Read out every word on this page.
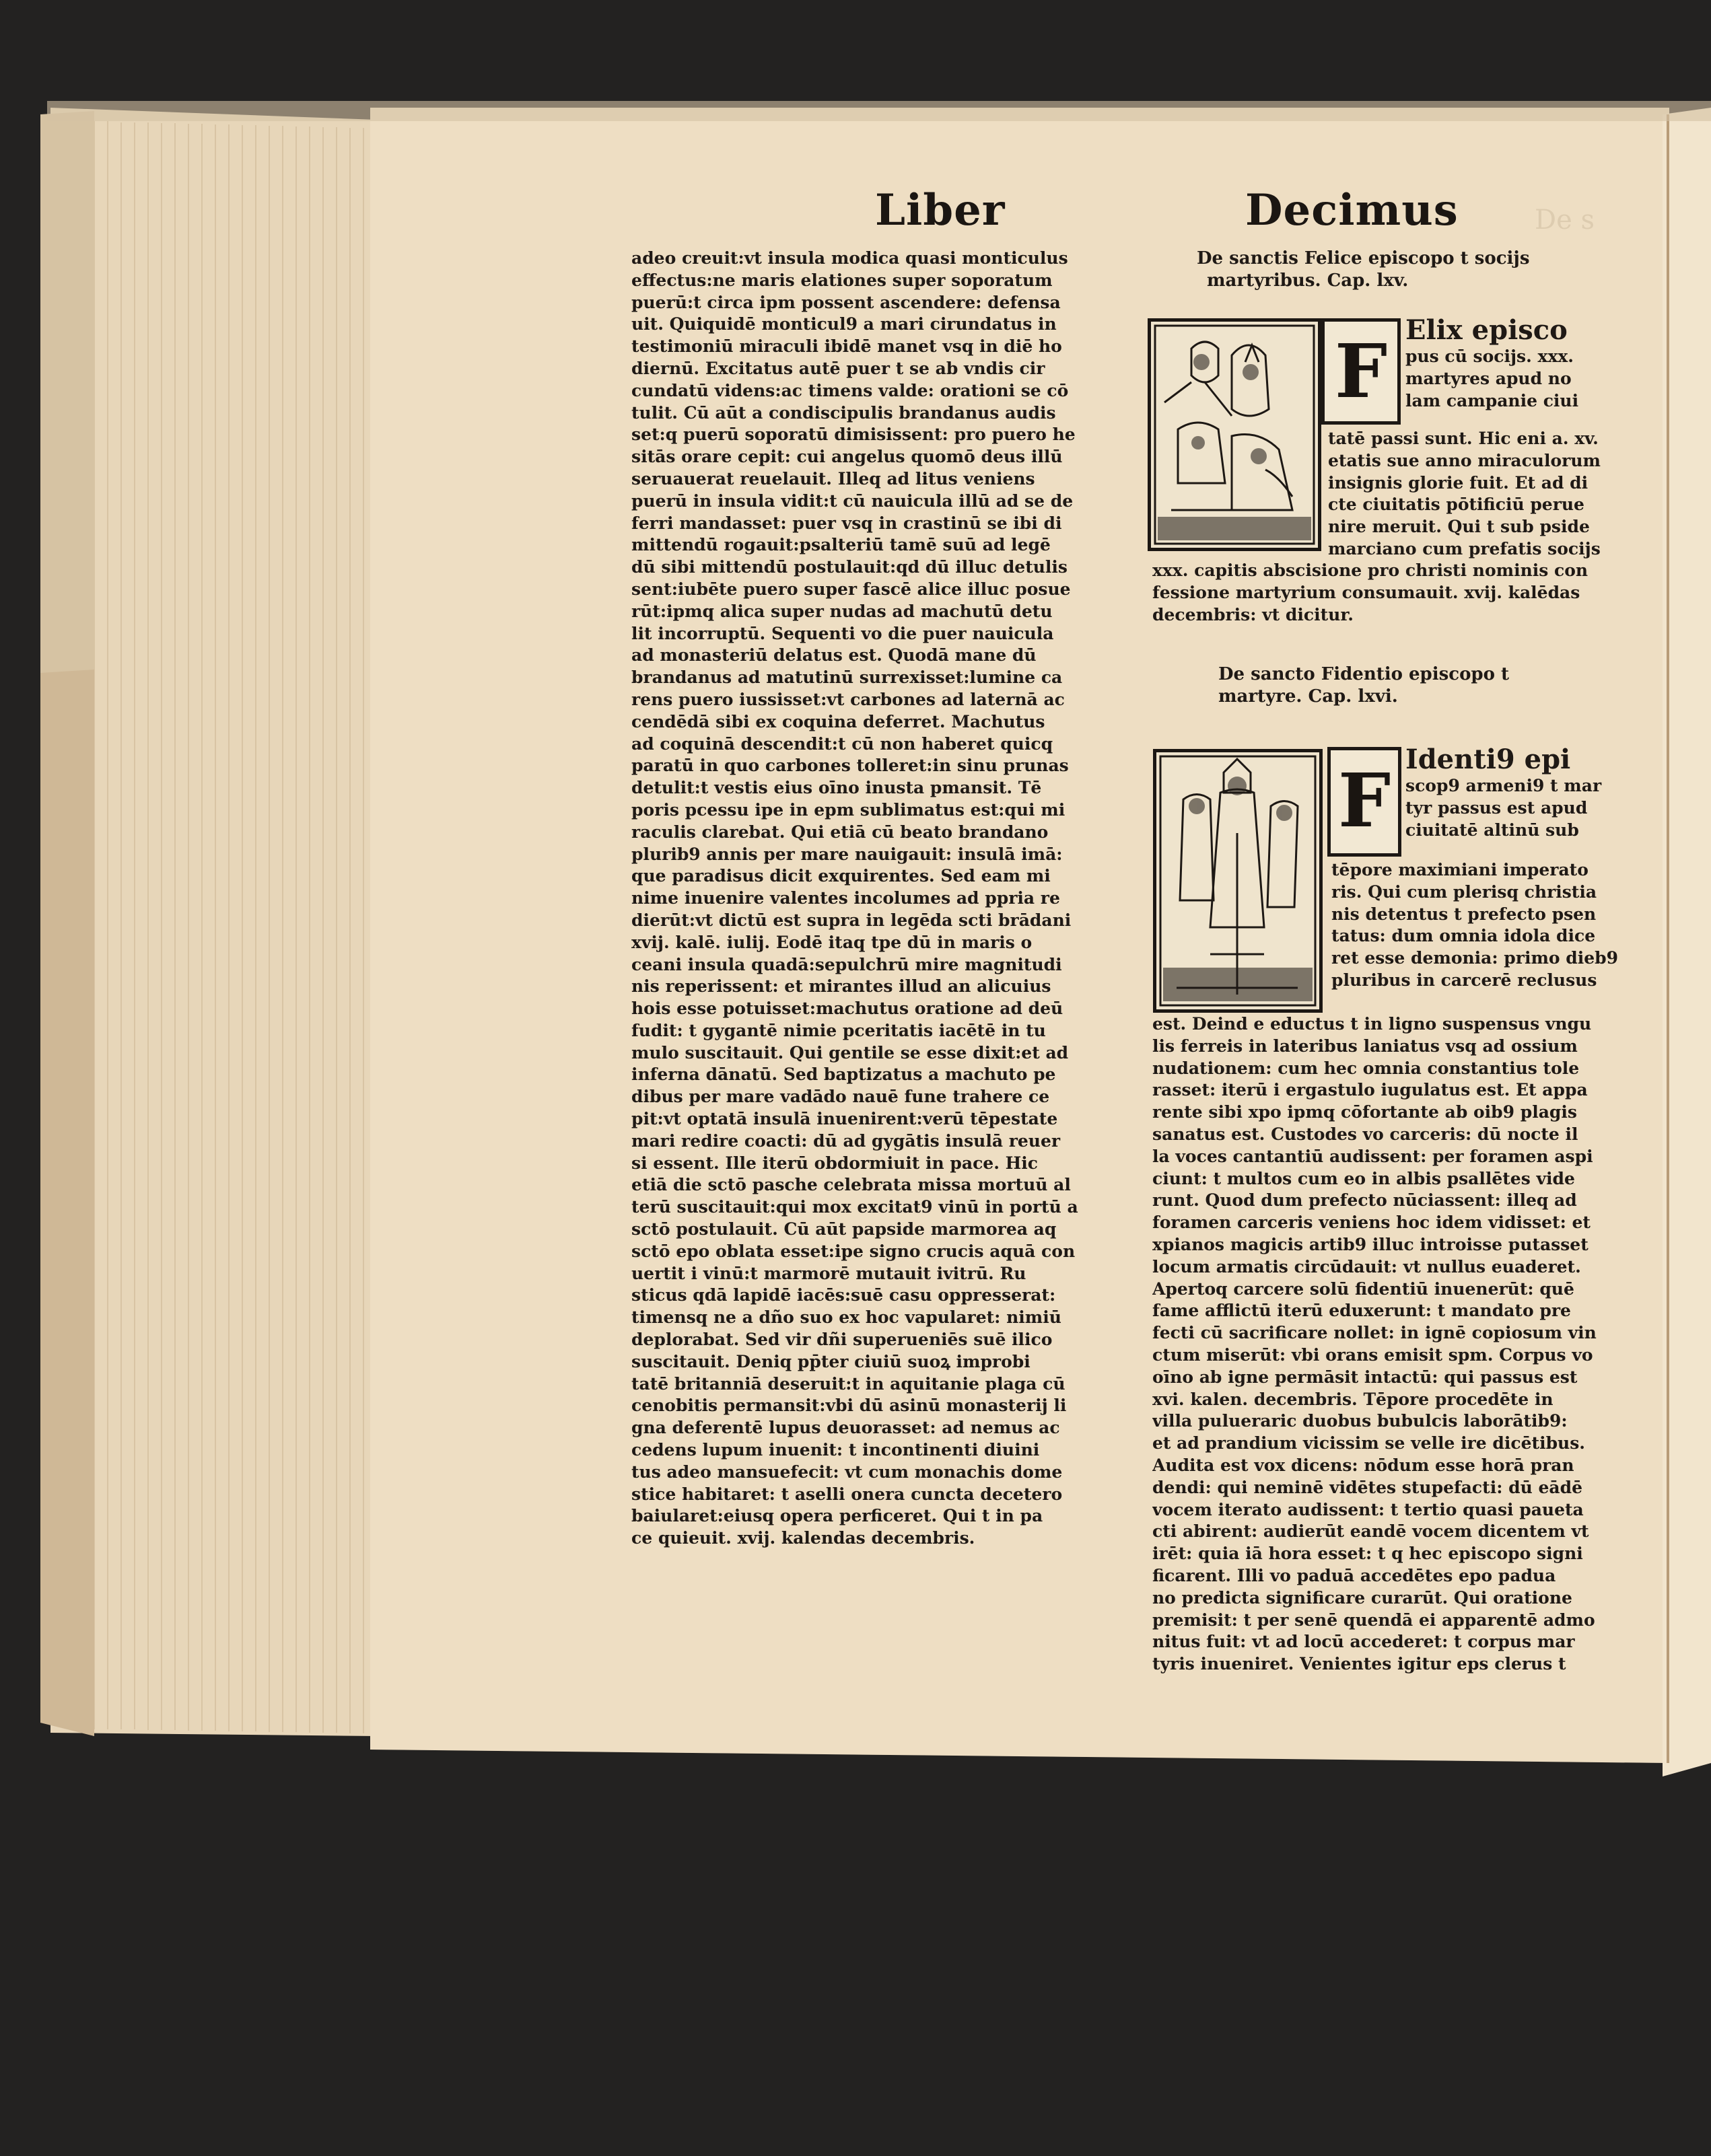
De s
Liber	Decimus
adeo creuit:vt insula modica quasi monticulus
effectus:ne maris elationes super soporatum
puerū:t circa ipm possent ascendere: defensa
uit. Quiquidē monticul9 a mari cirundatus in
testimoniū miraculi ibidē manet vsq in diē ho
diernū. Excitatus autē puer t se ab vndis cir
cundatū videns:ac timens valde: orationi se cō
tulit. Cū aūt a condiscipulis brandanus audis
set:q puerū soporatū dimisissent: pro puero he
sitās orare cepit: cui angelus quomō deus illū
seruauerat reuelauit. Illeq ad litus veniens
puerū in insula vidit:t cū nauicula illū ad se de
ferri mandasset: puer vsq in crastinū se ibi di
mittendū rogauit:psalteriū tamē suū ad legē
dū sibi mittendū postulauit:qd dū illuc detulis
sent:iubēte puero super fascē alice illuc posue
rūt:ipmq alica super nudas ad machutū detu
lit incorruptū. Sequenti vo die puer nauicula
ad monasteriū delatus est. Quodā mane dū
brandanus ad matutinū surrexisset:lumine ca
rens puero iussisset:vt carbones ad laternā ac
cendēdā sibi ex coquina deferret. Machutus
ad coquinā descendit:t cū non haberet quicq
paratū in quo carbones tolleret:in sinu prunas
detulit:t vestis eius oīno inusta pmansit. Tē
poris pcessu ipe in epm sublimatus est:qui mi
raculis clarebat. Qui etiā cū beato brandano
plurib9 annis per mare nauigauit: insulā imā:
que paradisus dicit exquirentes. Sed eam mi
nime inuenire valentes incolumes ad ppria re
dierūt:vt dictū est supra in legēda scti brādani
xvij. kalē. iulij. Eodē itaq tpe dū in maris o
ceani insula quadā:sepulchrū mire magnitudi
nis reperissent: et mirantes illud an alicuius
hois esse potuisset:machutus oratione ad deū
fudit: t gygantē nimie pceritatis iacētē in tu
mulo suscitauit. Qui gentile se esse dixit:et ad
inferna dānatū. Sed baptizatus a machuto pe
dibus per mare vadādo nauē fune trahere ce
pit:vt optatā insulā inuenirent:verū tēpestate
mari redire coacti: dū ad gygātis insulā reuer
si essent. Ille iterū obdormiuit in pace. Hic
etiā die sctō pasche celebrata missa mortuū al
terū suscitauit:qui mox excitat9 vinū in portū a
sctō postulauit. Cū aūt papside marmorea aq
sctō epo oblata esset:ipe signo crucis aquā con
uertit i vinū:t marmorē mutauit ivitrū. Ru
sticus qdā lapidē iacēs:suē casu oppresserat:
timensq ne a dño suo ex hoc vapularet: nimiū
deplorabat. Sed vir dñi superueniēs suē ilico
suscitauit. Deniq pp̄ter ciuiū suoꝝ improbi
tatē britanniā deseruit:t in aquitanie plaga cū
cenobitis permansit:vbi dū asinū monasterij li
gna deferentē lupus deuorasset: ad nemus ac
cedens lupum inuenit: t incontinenti diuini
tus adeo mansuefecit: vt cum monachis dome
stice habitaret: t aselli onera cuncta decetero
baiularet:eiusq opera perficeret. Qui t in pa
ce quieuit. xvij. kalendas decembris.
De sanctis Felice episcopo t socijs
martyribus. Cap. lxv.
F Elix episco
pus cū socijs. xxx.
martyres apud no
lam campanie ciui
tatē passi sunt. Hic eni a. xv.
etatis sue anno miraculorum
insignis glorie fuit. Et ad di
cte ciuitatis pōtificiū perue
nire meruit. Qui t sub pside
marciano cum prefatis socijs
xxx. capitis abscisione pro christi nominis con
fessione martyrium consumauit. xvij. kalēdas
decembris: vt dicitur.
De sancto Fidentio episcopo t
martyre. Cap. lxvi.
F Identi9 epi
scop9 armeni9 t mar
tyr passus est apud
ciuitatē altinū sub
tēpore maximiani imperato
ris. Qui cum plerisq christia
nis detentus t prefecto psen
tatus: dum omnia idola dice
ret esse demonia: primo dieb9
pluribus in carcerē reclusus
est. Deind e eductus t in ligno suspensus vngu
lis ferreis in lateribus laniatus vsq ad ossium
nudationem: cum hec omnia constantius tole
rasset: iterū i ergastulo iugulatus est. Et appa
rente sibi xpo ipmq cōfortante ab oib9 plagis
sanatus est. Custodes vo carceris: dū nocte il
la voces cantantiū audissent: per foramen aspi
ciunt: t multos cum eo in albis psallētes vide
runt. Quod dum prefecto nūciassent: illeq ad
foramen carceris veniens hoc idem vidisset: et
xpianos magicis artib9 illuc introisse putasset
locum armatis circūdauit: vt nullus euaderet.
Apertoq carcere solū fidentiū inuenerūt: quē
fame afflictū iterū eduxerunt: t mandato pre
fecti cū sacrificare nollet: in ignē copiosum vin
ctum miserūt: vbi orans emisit spm. Corpus vo
oīno ab igne permāsit intactū: qui passus est
xvi. kalen. decembris. Tēpore procedēte in
villa pulueraric duobus bubulcis laborātib9:
et ad prandium vicissim se velle ire dicētibus.
Audita est vox dicens: nōdum esse horā pran
dendi: qui neminē vidētes stupefacti: dū eādē
vocem iterato audissent: t tertio quasi paueta
cti abirent: audierūt eandē vocem dicentem vt
irēt: quia iā hora esset: t q hec episcopo signi
ficarent. Illi vo paduā accedētes epo padua
no predicta significare curarūt. Qui oratione
premisit: t per senē quendā ei apparentē admo
nitus fuit: vt ad locū accederet: t corpus mar
tyris inueniret. Venientes igitur eps clerus t
